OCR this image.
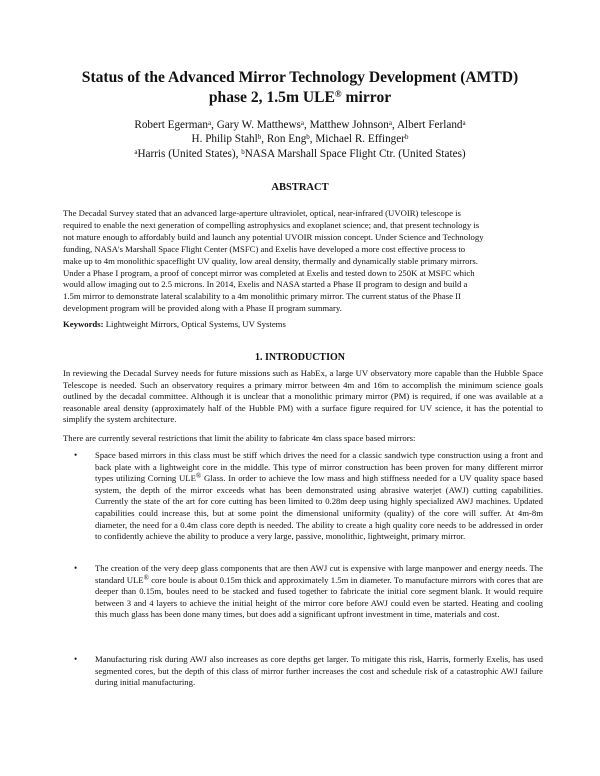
Status of the Advanced Mirror Technology Development (AMTD)
phase 2, 1.5m ULE® mirror
Robert Egerman$^a$, Gary W. Matthews$^a$, Matthew Johnson$^a$, Albert Ferland$^a$
H. Philip Stahl$^b$, Ron Eng$^b$, Michael R. Effinger$^b$
$^a$Harris (United States), $^b$NASA Marshall Space Flight Ctr. (United States)
ABSTRACT
The Decadal Survey stated that an advanced large-aperture ultraviolet, optical, near-infrared (UVOIR) telescope is
required to enable the next generation of compelling astrophysics and exoplanet science; and, that present technology is
not mature enough to affordably build and launch any potential UVOIR mission concept. Under Science and Technology
funding, NASA's Marshall Space Flight Center (MSFC) and Exelis have developed a more cost effective process to
make up to 4m monolithic spaceflight UV quality, low areal density, thermally and dynamically stable primary mirrors.
Under a Phase I program, a proof of concept mirror was completed at Exelis and tested down to 250K at MSFC which
would allow imaging out to 2.5 microns. In 2014, Exelis and NASA started a Phase II program to design and build a
1.5m mirror to demonstrate lateral scalability to a 4m monolithic primary mirror. The current status of the Phase II
development program will be provided along with a Phase II program summary.
Keywords: Lightweight Mirrors, Optical Systems, UV Systems
1. INTRODUCTION

In reviewing the Decadal Survey needs for future missions such as HabEx, a large UV observatory more capable than the Hubble Space Telescope is needed. Such an observatory requires a primary mirror between 4m and 16m to accomplish the minimum science goals outlined by the decadal committee. Although it is unclear that a monolithic primary mirror (PM) is required, if one was available at a reasonable areal density (approximately half of the Hubble PM) with a surface figure required for UV science, it has the potential to simplify the system architecture.

There are currently several restrictions that limit the ability to fabricate 4m class space based mirrors:

• Space based mirrors in this class must be stiff which drives the need for a classic sandwich type construction using a front and back plate with a lightweight core in the middle. This type of mirror construction has been proven for many different mirror types utilizing Corning ULE® Glass. In order to achieve the low mass and high stiffness needed for a UV quality space based system, the depth of the mirror exceeds what has been demonstrated using abrasive waterjet (AWJ) cutting capabilities. Currently the state of the art for core cutting has been limited to 0.28m deep using highly specialized AWJ machines. Updated capabilities could increase this, but at some point the dimensional uniformity (quality) of the core will suffer. At 4m-8m diameter, the need for a 0.4m class core depth is needed. The ability to create a high quality core needs to be addressed in order to confidently achieve the ability to produce a very large, passive, monolithic, lightweight, primary mirror.

• The creation of the very deep glass components that are then AWJ cut is expensive with large manpower and energy needs. The standard ULE® core boule is about 0.15m thick and approximately 1.5m in diameter. To manufacture mirrors with cores that are deeper than 0.15m, boules need to be stacked and fused together to fabricate the initial core segment blank. It would require between 3 and 4 layers to achieve the initial height of the mirror core before AWJ could even be started. Heating and cooling this much glass has been done many times, but does add a significant upfront investment in time, materials and cost.

• Manufacturing risk during AWJ also increases as core depths get larger. To mitigate this risk, Harris, formerly Exelis, has used segmented cores, but the depth of this class of mirror further increases the cost and schedule risk of a catastrophic AWJ failure during initial manufacturing.
